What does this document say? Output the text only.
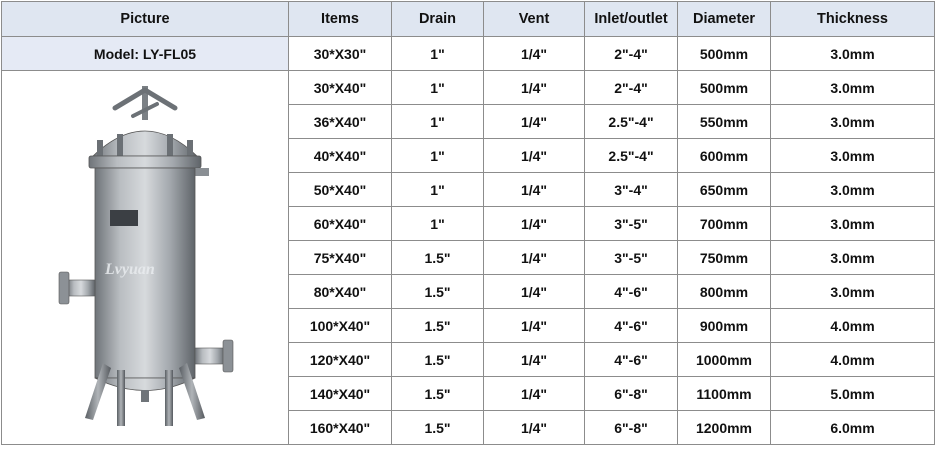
Picture	Items	Drain	Vent	Inlet/outlet	Diameter	Thickness
Model: LY-FL05	30*X30"	1"	1/4"	2"-4"	500mm	3.0mm

Lvyuan	30*X40"	1"	1/4"	2"-4"	500mm	3.0mm
	36*X40"	1"	1/4"	2.5"-4"	550mm	3.0mm
	40*X40"	1"	1/4"	2.5"-4"	600mm	3.0mm
	50*X40"	1"	1/4"	3"-4"	650mm	3.0mm
	60*X40"	1"	1/4"	3"-5"	700mm	3.0mm
	75*X40"	1.5"	1/4"	3"-5"	750mm	3.0mm
	80*X40"	1.5"	1/4"	4"-6"	800mm	3.0mm
	100*X40"	1.5"	1/4"	4"-6"	900mm	4.0mm
	120*X40"	1.5"	1/4"	4"-6"	1000mm	4.0mm
	140*X40"	1.5"	1/4"	6"-8"	1100mm	5.0mm
	160*X40"	1.5"	1/4"	6"-8"	1200mm	6.0mm
